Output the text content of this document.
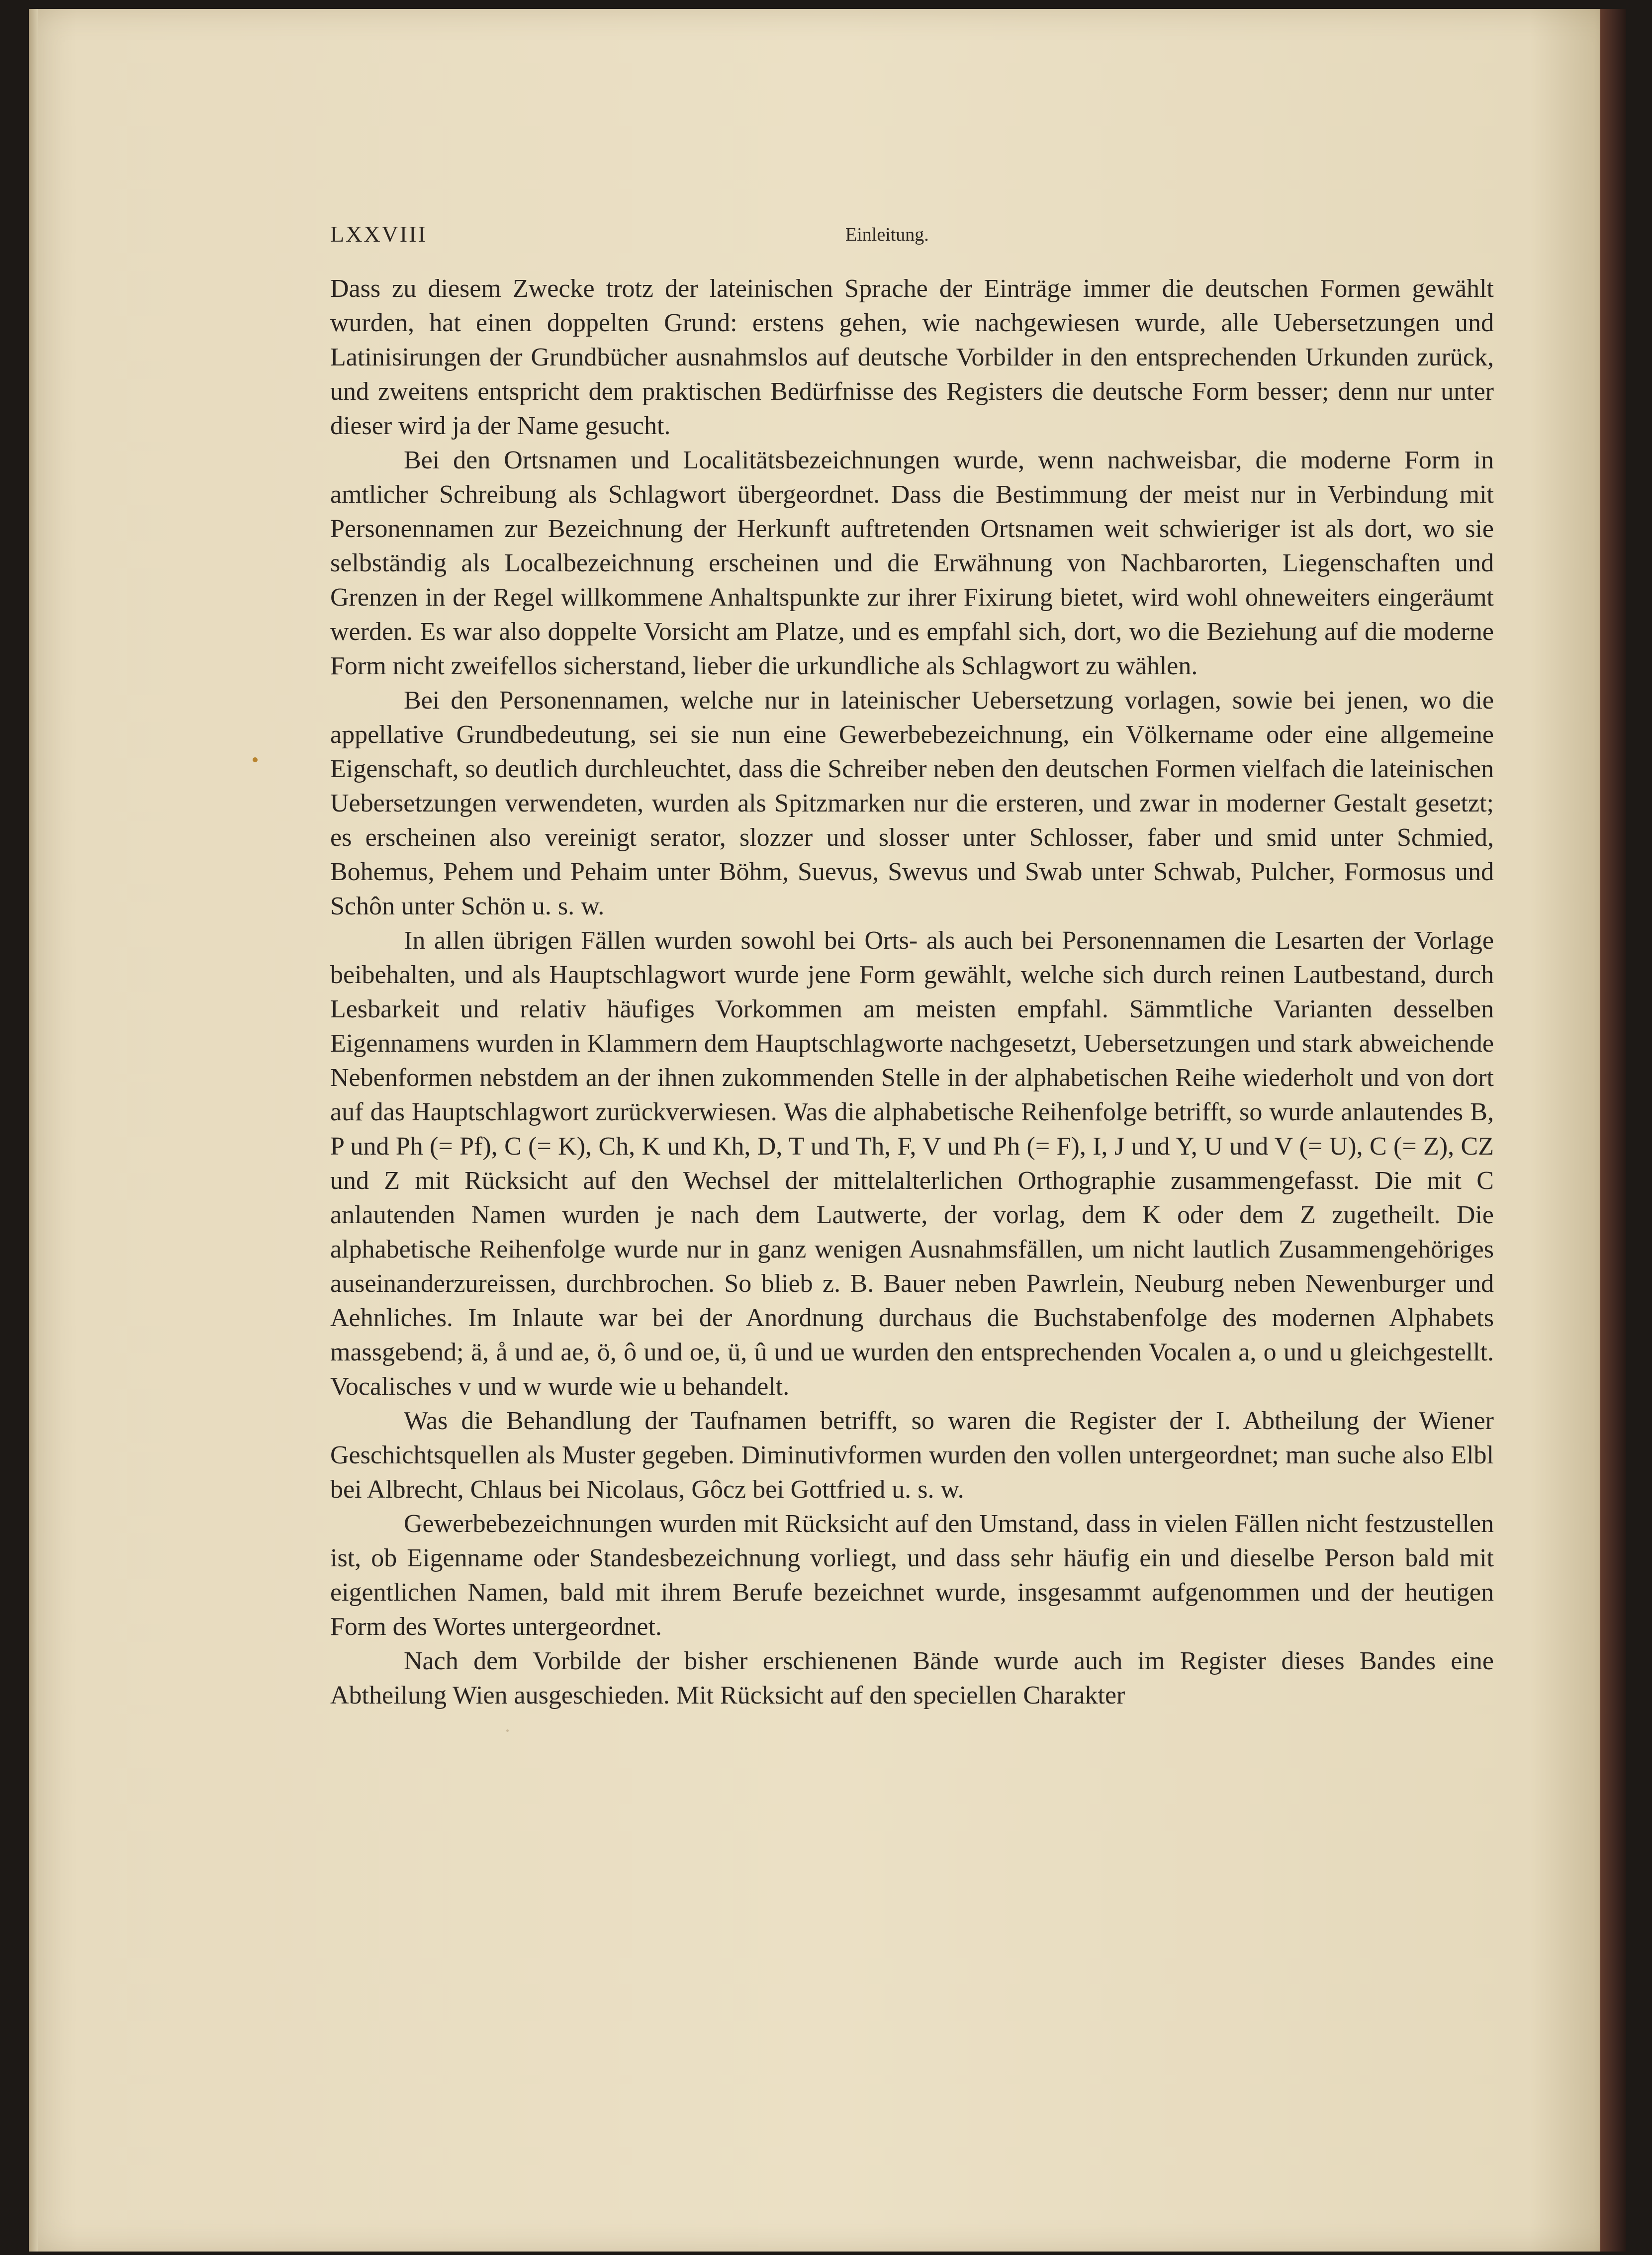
LXXVIII	Einleitung.

Dass zu diesem Zwecke trotz der lateinischen Sprache der Einträge immer die deutschen Formen gewählt wurden, hat einen doppelten Grund: erstens gehen, wie nachgewiesen wurde, alle Uebersetzungen und Latinisirungen der Grundbücher ausnahmslos auf deutsche Vorbilder in den entsprechenden Urkunden zurück, und zweitens entspricht dem praktischen Bedürfnisse des Registers die deutsche Form besser; denn nur unter dieser wird ja der Name gesucht.

Bei den Ortsnamen und Localitätsbezeichnungen wurde, wenn nachweisbar, die moderne Form in amtlicher Schreibung als Schlagwort übergeordnet. Dass die Bestimmung der meist nur in Verbindung mit Personennamen zur Bezeichnung der Herkunft auftretenden Ortsnamen weit schwieriger ist als dort, wo sie selbständig als Localbezeichnung erscheinen und die Erwähnung von Nachbarorten, Liegenschaften und Grenzen in der Regel willkommene Anhaltspunkte zur ihrer Fixirung bietet, wird wohl ohneweiters eingeräumt werden. Es war also doppelte Vorsicht am Platze, und es empfahl sich, dort, wo die Beziehung auf die moderne Form nicht zweifellos sicherstand, lieber die urkundliche als Schlagwort zu wählen.

Bei den Personennamen, welche nur in lateinischer Uebersetzung vorlagen, sowie bei jenen, wo die appellative Grundbedeutung, sei sie nun eine Gewerbebezeichnung, ein Völkername oder eine allgemeine Eigenschaft, so deutlich durchleuchtet, dass die Schreiber neben den deutschen Formen vielfach die lateinischen Uebersetzungen verwendeten, wurden als Spitzmarken nur die ersteren, und zwar in moderner Gestalt gesetzt; es erscheinen also vereinigt serator, slozzer und slosser unter Schlosser, faber und smid unter Schmied, Bohemus, Pehem und Pehaim unter Böhm, Suevus, Swevus und Swab unter Schwab, Pulcher, Formosus und Schôn unter Schön u. s. w.

In allen übrigen Fällen wurden sowohl bei Orts- als auch bei Personennamen die Lesarten der Vorlage beibehalten, und als Hauptschlagwort wurde jene Form gewählt, welche sich durch reinen Lautbestand, durch Lesbarkeit und relativ häufiges Vorkommen am meisten empfahl. Sämmtliche Varianten desselben Eigennamens wurden in Klammern dem Hauptschlagworte nachgesetzt, Uebersetzungen und stark abweichende Nebenformen nebstdem an der ihnen zukommenden Stelle in der alphabetischen Reihe wiederholt und von dort auf das Hauptschlagwort zurückverwiesen. Was die alphabetische Reihenfolge betrifft, so wurde anlautendes B, P und Ph (= Pf), C (= K), Ch, K und Kh, D, T und Th, F, V und Ph (= F), I, J und Y, U und V (= U), C (= Z), CZ und Z mit Rücksicht auf den Wechsel der mittelalterlichen Orthographie zusammengefasst. Die mit C anlautenden Namen wurden je nach dem Lautwerte, der vorlag, dem K oder dem Z zugetheilt. Die alphabetische Reihenfolge wurde nur in ganz wenigen Ausnahmsfällen, um nicht lautlich Zusammengehöriges auseinanderzureissen, durchbrochen. So blieb z. B. Bauer neben Pawrlein, Neuburg neben Newenburger und Aehnliches. Im Inlaute war bei der Anordnung durchaus die Buchstabenfolge des modernen Alphabets massgebend; ä, å und ae, ö, ô und oe, ü, û und ue wurden den entsprechenden Vocalen a, o und u gleichgestellt. Vocalisches v und w wurde wie u behandelt.

Was die Behandlung der Taufnamen betrifft, so waren die Register der I. Abtheilung der Wiener Geschichtsquellen als Muster gegeben. Diminutivformen wurden den vollen untergeordnet; man suche also Elbl bei Albrecht, Chlaus bei Nicolaus, Gôcz bei Gottfried u. s. w.

Gewerbebezeichnungen wurden mit Rücksicht auf den Umstand, dass in vielen Fällen nicht festzustellen ist, ob Eigenname oder Standesbezeichnung vorliegt, und dass sehr häufig ein und dieselbe Person bald mit eigentlichen Namen, bald mit ihrem Berufe bezeichnet wurde, insgesammt aufgenommen und der heutigen Form des Wortes untergeordnet.

Nach dem Vorbilde der bisher erschienenen Bände wurde auch im Register dieses Bandes eine Abtheilung Wien ausgeschieden. Mit Rücksicht auf den speciellen Charakter
